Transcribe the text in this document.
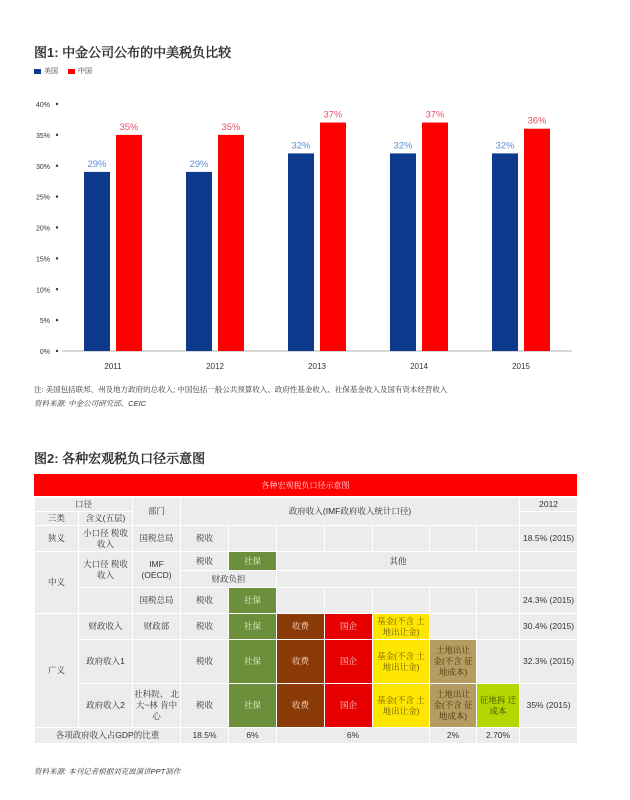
图1: 中金公司公布的中美税负比较
美国	中国
0%
5%
10%
15%
20%
25%
30%
35%
40%
29%
35%
2011
29%
35%
2012
32%
37%
2013
32%
37%
2014
32%
36%
2015
注: 美国包括联邦、州及地方政府的总收入; 中国包括一般公共预算收入、政府性基金收入、社保基金收入及国有资本经营收入
资料来源: 中金公司研究部、CEIC
图2: 各种宏观税负口径示意图
各种宏观税负口径示意图
口径		部门	政府收入(IMF政府收入统计口径)							2012
三类	含义(五层)									
狭义	小口径 税收收入	国税总局	税收							18.5% (2015)
中义	大口径 税收收入	IMF (OECD)	税收	社保	其他					
			财政负担							
		国税总局	税收	社保						24.3% (2015)
广义	财政收入	财政部	税收	社保	收费	国企	基金(不含 土地出让金)			30.4% (2015)
	政府收入1		税收	社保	收费	国企	基金(不含 土地出让金)	土地出让 金(不含 征地成本)		32.3% (2015)
	政府收入2	社科院、 北大~林 肯中心	税收	社保	收费	国企	基金(不含 土地出让金)	土地出让 金(不含 征地成本)	征地拆 迁成本	35% (2015)
各项政府收入占GDP的比重			18.5%	6%	6%			2%	2.70%	
资料来源: 本刊记者根据刘克崮演讲PPT制作
